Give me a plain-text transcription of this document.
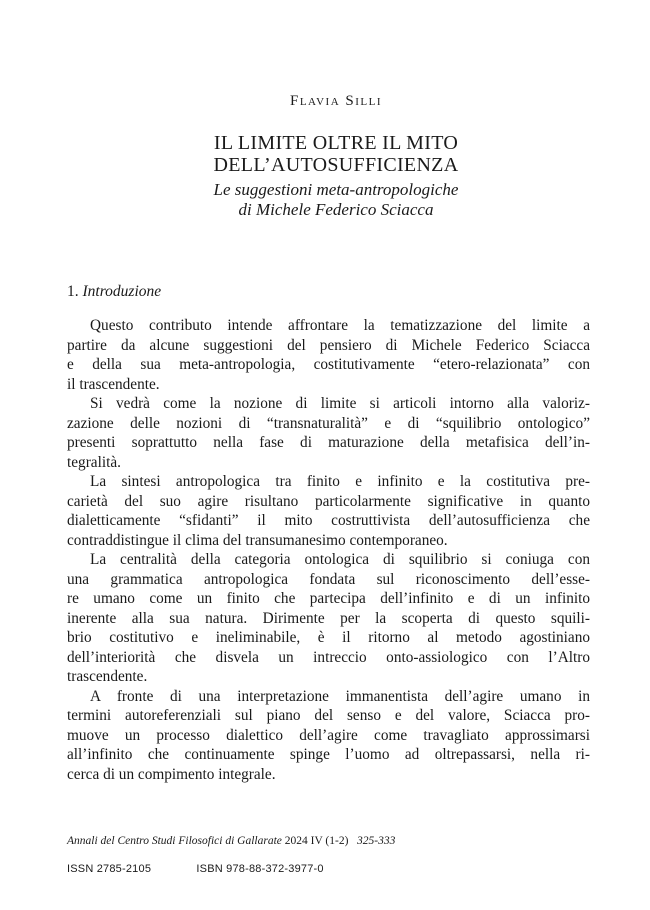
Flavia Silli
IL LIMITE OLTRE IL MITO
DELL’AUTOSUFFICIENZA
Le suggestioni meta-antropologiche
di Michele Federico Sciacca
1. Introduzione
Questo contributo intende affrontare la tematizzazione del limite a
partire da alcune suggestioni del pensiero di Michele Federico Sciacca
e della sua meta-antropologia, costitutivamente “etero-relazionata” con
il trascendente.
Si vedrà come la nozione di limite si articoli intorno alla valoriz-
zazione delle nozioni di “transnaturalità” e di “squilibrio ontologico”
presenti soprattutto nella fase di maturazione della metafisica dell’in-
tegralità.
La sintesi antropologica tra finito e infinito e la costitutiva pre-
carietà del suo agire risultano particolarmente significative in quanto
dialetticamente “sfidanti” il mito costruttivista dell’autosufficienza che
contraddistingue il clima del transumanesimo contemporaneo.
La centralità della categoria ontologica di squilibrio si coniuga con
una grammatica antropologica fondata sul riconoscimento dell’esse-
re umano come un finito che partecipa dell’infinito e di un infinito
inerente alla sua natura. Dirimente per la scoperta di questo squili-
brio costitutivo e ineliminabile, è il ritorno al metodo agostiniano
dell’interiorità che disvela un intreccio onto-assiologico con l’Altro
trascendente.
A fronte di una interpretazione immanentista dell’agire umano in
termini autoreferenziali sul piano del senso e del valore, Sciacca pro-
muove un processo dialettico dell’agire come travagliato approssimarsi
all’infinito che continuamente spinge l’uomo ad oltrepassarsi, nella ri-
cerca di un compimento integrale.
Annali del Centro Studi Filosofici di Gallarate 2024 IV (1-2) 325-333
ISSN 2785-2105	ISBN 978-88-372-3977-0
